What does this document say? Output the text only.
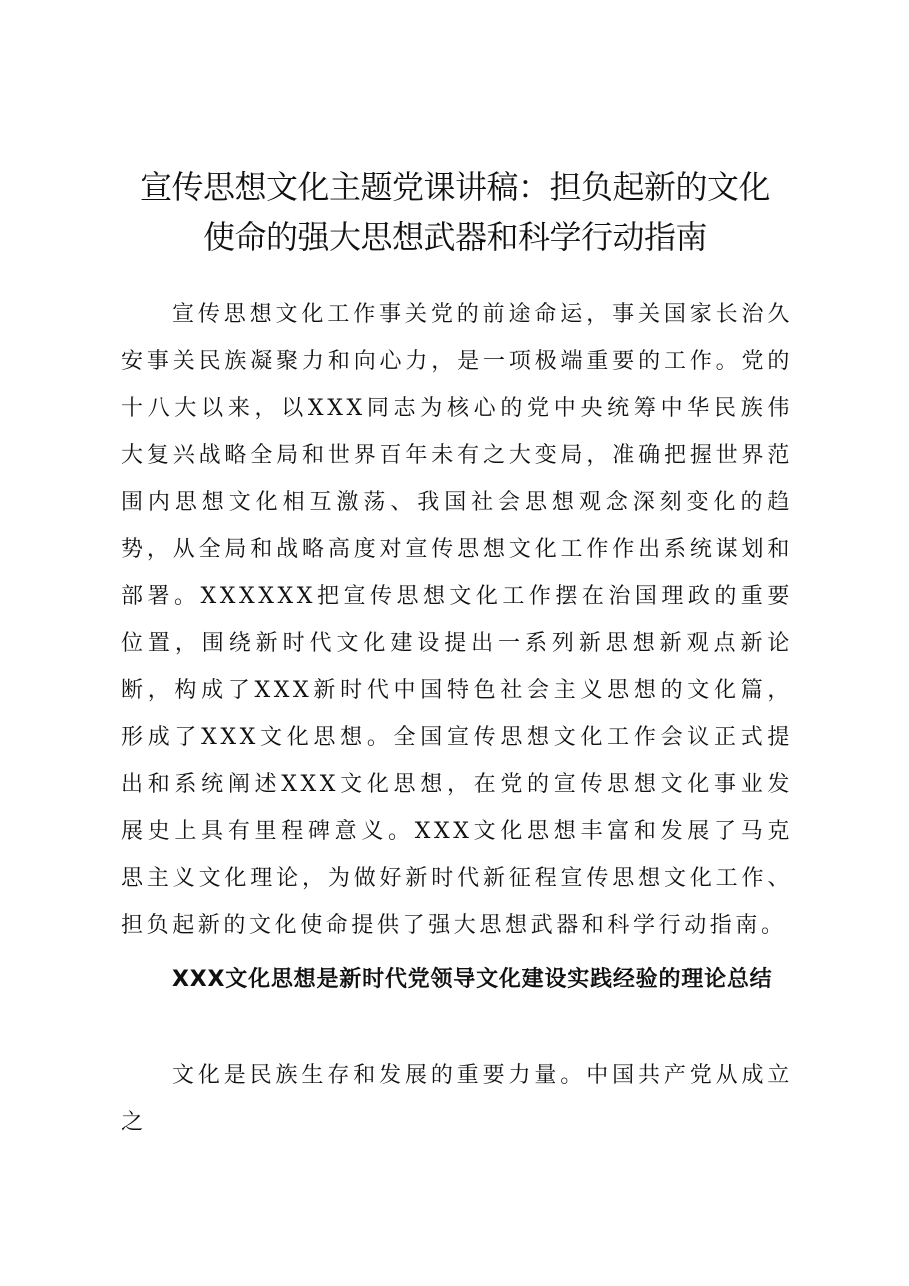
宣传思想文化主题党课讲稿：担负起新的文化
使命的强大思想武器和科学行动指南

宣传思想文化工作事关党的前途命运，事关国家长治久安事关民族凝聚力和向心力，是一项极端重要的工作。党的十八大以来，以XXX同志为核心的党中央统筹中华民族伟大复兴战略全局和世界百年未有之大变局，准确把握世界范围内思想文化相互激荡、我国社会思想观念深刻变化的趋势，从全局和战略高度对宣传思想文化工作作出系统谋划和部署。XXXXXX把宣传思想文化工作摆在治国理政的重要位置，围绕新时代文化建设提出一系列新思想新观点新论断，构成了XXX新时代中国特色社会主义思想的文化篇，形成了XXX文化思想。全国宣传思想文化工作会议正式提出和系统阐述XXX文化思想，在党的宣传思想文化事业发展史上具有里程碑意义。XXX文化思想丰富和发展了马克思主义文化理论，为做好新时代新征程宣传思想文化工作、担负起新的文化使命提供了强大思想武器和科学行动指南。

XXX文化思想是新时代党领导文化建设实践经验的理论总结

文化是民族生存和发展的重要力量。中国共产党从成立之
